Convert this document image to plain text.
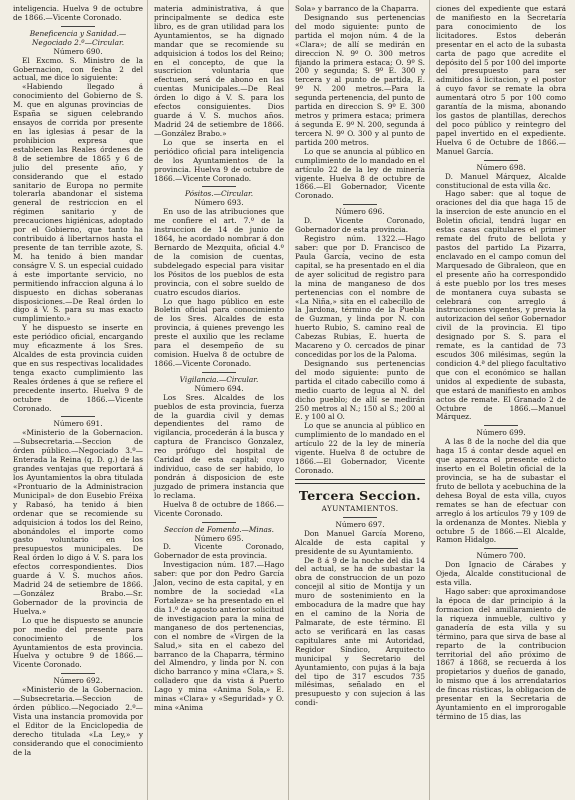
inteligencia. Huelva 9 de octubre de 1866.—Vicente Coronado.

Beneficencia y Sanidad.—Negociado 2.º—Circular.

Número 690.

El Excmo. S. Ministro de la Gobernacion, con fecha 2 del actual, me dice lo siguiente:

«Habiendo llegado á conocimiento del Gobierno de S. M. que en algunas provincias de España se siguen celebrando ensayos de corrida por presente en las iglesias á pesar de la prohibicion expresa que establecen las Reales órdenes de 8 de setiembre de 1865 y 6 de julio del presente año, y considerando que el estado sanitario de Europa no permite tolerarla abandonar el sistema general de restriccion en el régimen sanitario y de precauciones higiénicas, adoptado por el Gobierno, que tanto ha contribuido á libertarnos hasta el presente de tan terrible azote, S. M. ha tenido á bien mandar conságre V. S. un especial cuidado á este importante servicio, no permitiendo infraccion alguna á lo dispuesto en dichas soberanas disposiciones.—De Real órden lo digo á V. S. para su mas exacto cumplimiento.»

Y he dispuesto se inserte en este periódico oficial, encargando muy eficazmente á los Sres. Alcaldes de esta provincia cuiden que en sus respectivas localidades tenga exacto cumplimiento las Reales órdenes á que se refiere el precedente inserto. Huelva 9 de octubre de 1866.—Vicente Coronado.

Número 691.

«Ministerio de la Gobernacion.—Subsecretaria.—Seccion de órden público.—Negociado 3.º—Enterada la Reina (q. D. g.) de las grandes ventajas que reportará á los Ayuntamientos la obra titulada «Prontuario de la Administracion Municipal» de don Eusebio Fréixa y Rabasó, ha tenido á bien ordenar que se recomiende su adquisicion á todos los del Reino, abonándoles el importe como gasto voluntario en los presupuestos municipales. De Real órden lo digo á V. S. para los efectos correspondientes. Dios guarde á V. S. muchos años. Madrid 24 de setiembre de 1866.—González Brabo.—Sr. Gobernador de la provincia de Huelva.»

Lo que he dispuesto se anuncie por medio del presente para conocimiento de los Ayuntamientos de esta provincia. Huelva y octubre 9 de 1866.—Vicente Coronado.

Número 692.

«Ministerio de la Gobernacion.—Subsecretaria.—Seccion de órden público.—Negociado 2.º—Vista una instancia promovida por el Editor de la Enciclopedia de derecho titulada «La Ley,» y considerando que el conocimiento de la

materia administrativa, á que principalmente se dedica este libro, es de gran utilidad para los Ayuntamientos, se ha dignado mandar que se recomiende su adquisicion á todos los del Reino; en el concepto, de que la suscricion voluntaria que efectuen, será de abono en las cuentas Municipales.—De Real órden lo digo á V. S. para los efectos consiguientes. Dios guarde á V. S. muchos años. Madrid 24 de setiembre de 1866.—González Brabo.»

Lo que se inserta en el periódico oficial para inteligencia de los Ayuntamientos de la provincia. Huelva 9 de octubre de 1866.—Vicente Coronado.

Pósitos.—Circular.

Número 693.

En uso de las atribuciones que me confiere el art. 7.º de la instruccion de 14 de junio de 1864, he acordado nombrar á don Bernardo de Mezquita, oficial 4.º de la comision de cuentas, subdelegado especial para visitar los Pósitos de los pueblos de esta provincia, con el sobre sueldo de cuatro escudos diarios.

Lo que hago público en este Boletin oficial para conocimiento de los Sres. Alcaldes de esta provincia, á quienes prevengo les preste el auxilio que les reclame para el desempeño de su comision. Huelva 8 de octubre de 1866.—Vicente Coronado.

Vigilancia.—Circular.

Número 694.

Los Sres. Alcaldes de los pueblos de esta provincia, fuerza de la guardia civil y demas dependientes del ramo de vigilancia, procederán á la busca y captura de Francisco Gonzalez, reo prófugo del hospital de Caridad de esta capital; cuyo individuo, caso de ser habido, lo pondrán á disposicion de este juzgado de primera instancia que lo reclama.

Huelva 8 de octubre de 1866.—Vicente Coronado.

Seccion de Fomento.—Minas.

Número 695.

D. Vicente Coronado, Gobernador de esta provincia.

Investigacion núm. 187.—Hago saber: que por don Pedro García Jalon, vecino de esta capital, y en nombre de la sociedad «La Fortaleza» se ha presentado en el dia 1.º de agosto anterior solicitud de investigacion para la mina de manganeso de dos pertenencias, con el nombre de «Virgen de la Salud,» sita en el cabezo del barranco de la Chaparra, término del Almendro, y linda por N. con dicho barranco y mina «Clara,» S. colladero que da vista á Puerto Lago y mina «Anima Sola,» E. minas «Clara» y «Seguridad» y O. mina «Anima

Sola» y barranco de la Chaparra.

Designando sus pertenencias del modo siguiente: punto de partida el mojon núm. 4 de la «Clara»; de allí se medirán en direccion N. 9º O. 300 metros fijando la primera estaca; O. 9º S. 200 y segunda; S. 9º E. 300 y tercera y al punto de partida, E. 9º N. 200 metros.—Para la segunda pertenencia, del punto de partida en direccion S. 9º E. 300 metros y primera estaca; primera á segunda E. 9º N. 200, segunda á tercera N. 9º O. 300 y al punto de partida 200 metros.

Lo que se anuncia al público en cumplimiento de lo mandado en el artículo 22 de la ley de minería vigente. Huelva 8 de octubre de 1866.—El Gobernador, Vicente Coronado.

Número 696.

D. Vicente Coronado, Gobernador de esta provincia.

Registro núm. 1322.—Hago saber: que por D. Francisco de Paula García, vecino de esta capital, se ha presentado en el dia de ayer solicitud de registro para la mina de manganeso de dos pertenencias con el nombre de «La Niña,» sita en el cabecillo de la Jardona, término de la Puebla de Guzman, y linda por N. con huerto Rubio, S. camino real de Cabezas Rubias, E. huerta de Macareno y O. cercados de pinar concedidas por los de la Paloma.

Designando sus pertenencias del modo siguiente: punto de partida el citado cabecillo como á medio cuarto de legua al N. del dicho pueblo; de allí se medirán 250 metros al N.; 150 al S.; 200 al E. y 100 al O.

Lo que se anuncia al público en cumplimiento de lo mandado en el artículo 22 de la ley de minería vigente. Huelva 8 de octubre de 1866.—El Gobernador, Vicente Coronado.

Tercera Seccion.

AYUNTAMIENTOS.

Número 697.

Don Manuel García Moreno, Alcalde de esta capital y presidente de su Ayuntamiento.

De 8 á 9 de la noche del dia 14 del actual, se ha de subastar la obra de construccion de un pozo concejil al sitio de Montija y un muro de sostenimiento en la embocadura de la madre que hay en el camino de la Noria de Palmarate, de este término. El acto se verificará en las casas capitulares ante mi Autoridad, Regidor Síndico, Arquitecto municipal y Secretario del Ayuntamiento, con pujas á la baja del tipo de 317 escudos 735 milésimas, señalado en el presupuesto y con sujecion á las condi-

ciones del expediente que estará de manifiesto en la Secretaría para conocimiento de los licitadores. Estos deberán presentar en el acto de la subasta carta de pago que acredite el depósito del 5 por 100 del importe del presupuesto para ser admitidos á licitacion, y el postor á cuyo favor se remate la obra aumentará otro 5 por 100 como garantía de la misma, abonando los gastos de plantillas, derechos del poco público y reintegro del papel invertido en el expediente. Huelva 6 de Octubre de 1866.—Manuel García.

Número 698.

D. Manuel Márquez, Alcalde constitucional de esta villa &c.

Hago saber: que al toque de oraciones del dia que haga 15 de la insercion de este anuncio en el Boletin oficial, tendrá lugar en estas casas capitulares el primer remate del fruto de bellota y pastos del partido La Pizarra, enclavado en el campo comun del Marquesado de Gibraleon, que en el presente año ha correspondido á este pueblo por los tres meses de montanera cuya subasta se celebrará con arreglo á instrucciones vigentes, y previa la autorizacion del señor Gobernador civil de la provincia. El tipo designado por S. S. para el remate, es la cantidad de 73 escudos 306 milésimas, según la condicion 4.ª del pliego facultativo que con el económico se hallan unidos al expediente de subasta, que estará de manifiesto en ambos actos de remate. El Granado 2 de Octubre de 1866.—Manuel Márquez.

Número 699.

A las 8 de la noche del dia que haga 15 á contar desde aquel en que aparezca el presente edicto inserto en el Boletin oficial de la provincia, se ha de subastar el fruto de bellota y acebuchina de la dehesa Boyal de esta villa, cuyos remates se han de efectuar con arreglo á los artículos 79 y 109 de la ordenanza de Montes. Niebla y octubre 5 de 1866.—El Alcalde, Ramon Hidalgo.

Número 700.

Don Ignacio de Cárabes y Ojeda, Alcalde constitucional de esta villa.

Hago saber: que aproximandose la época de dar principio á la formacion del amillaramiento de la riqueza inmueble, cultivo y ganadería de esta villa y su término, para que sirva de base al reparto de la contribucion territorial del año próximo de 1867 á 1868, se recuerda á los propietarios y dueños de ganado, lo mismo que á los arrendatarios de fincas rústicas, la obligacion de presentar en la Secretaria de Ayuntamiento en el improrogable término de 15 dias, las
